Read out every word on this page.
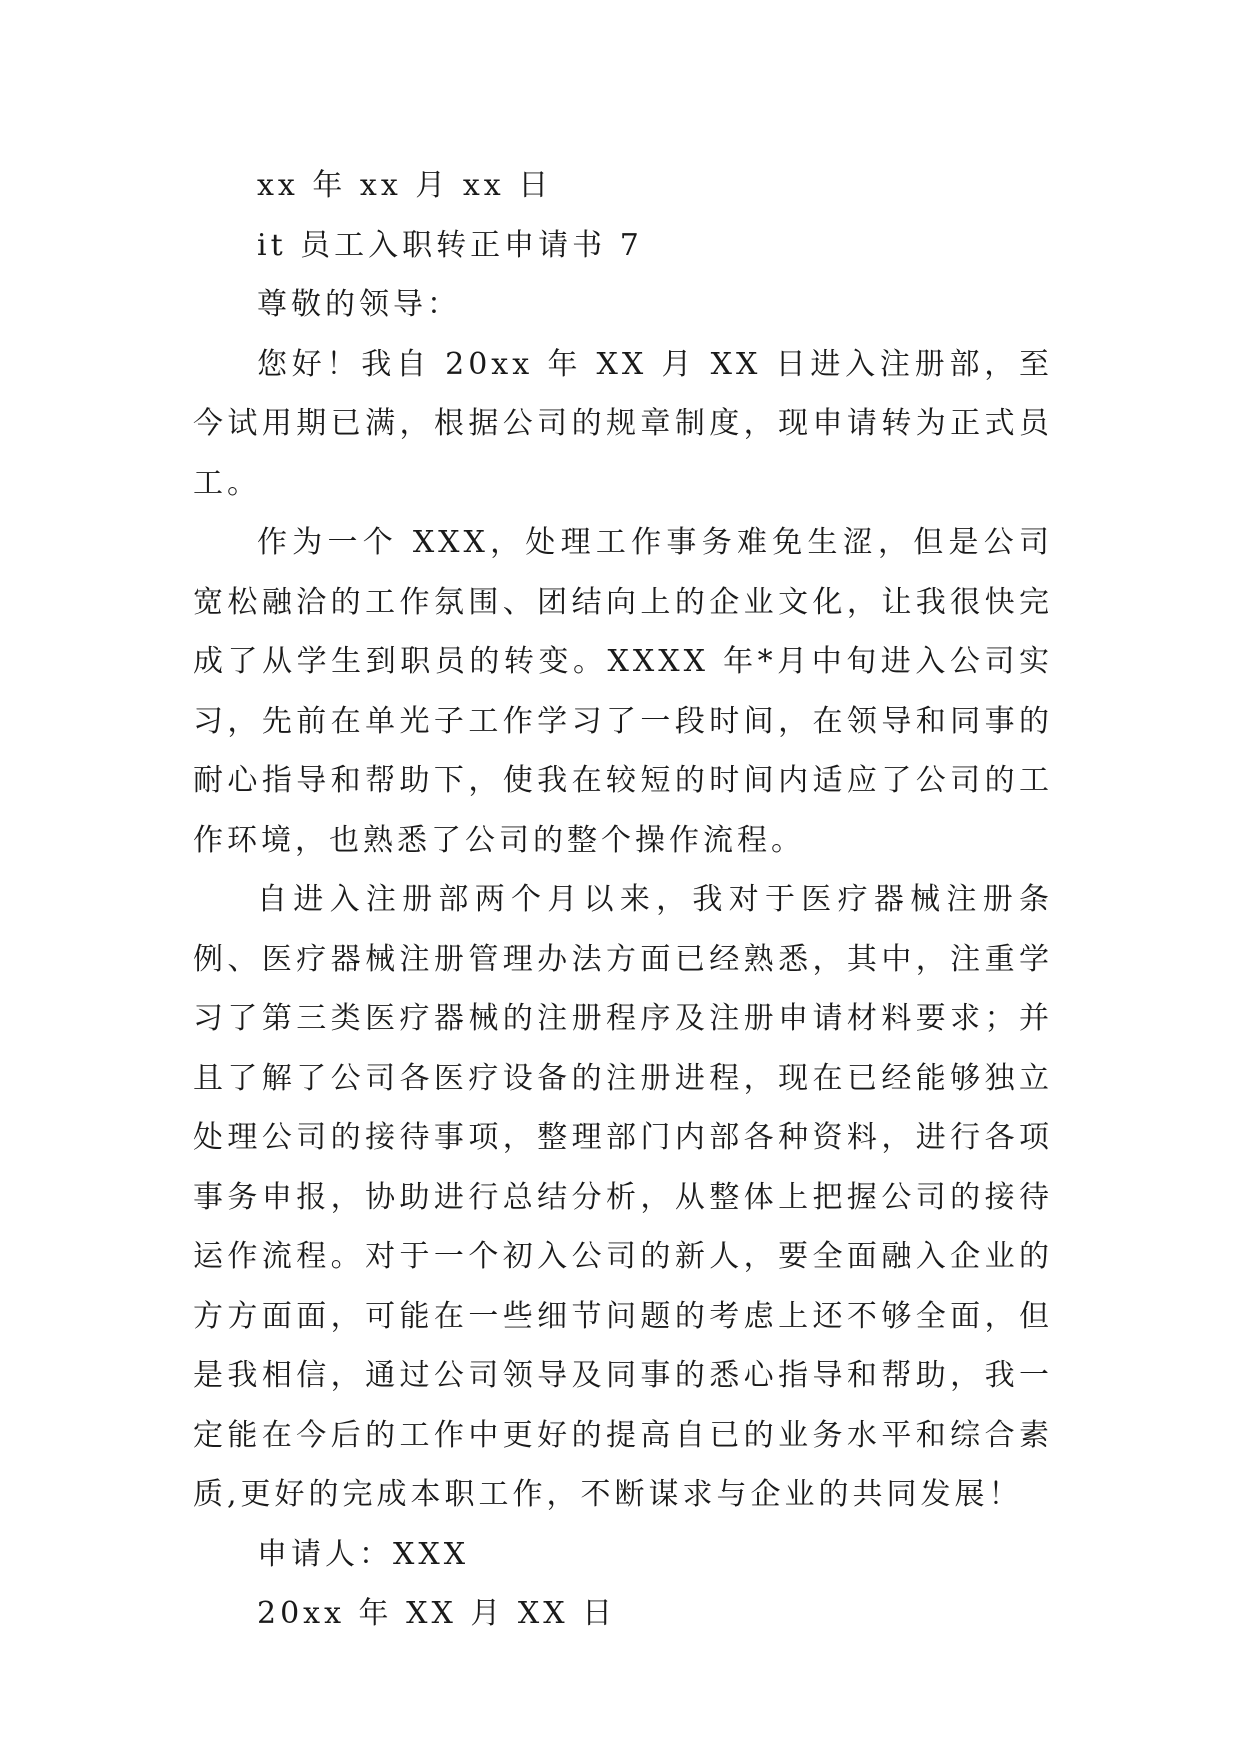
xx 年 xx 月 xx 日
it 员工入职转正申请书 7
尊敬的领导：
您好！我自 20xx 年 XX 月 XX 日进入注册部，至今试用期已满，根据公司的规章制度，现申请转为正式员工。
作为一个 XXX，处理工作事务难免生涩，但是公司宽松融洽的工作氛围、团结向上的企业文化，让我很快完成了从学生到职员的转变。XXXX 年*月中旬进入公司实习，先前在单光子工作学习了一段时间，在领导和同事的耐心指导和帮助下，使我在较短的时间内适应了公司的工作环境，也熟悉了公司的整个操作流程。
自进入注册部两个月以来，我对于医疗器械注册条例、医疗器械注册管理办法方面已经熟悉，其中，注重学习了第三类医疗器械的注册程序及注册申请材料要求；并且了解了公司各医疗设备的注册进程，现在已经能够独立处理公司的接待事项，整理部门内部各种资料，进行各项事务申报，协助进行总结分析，从整体上把握公司的接待运作流程。对于一个初入公司的新人，要全面融入企业的方方面面，可能在一些细节问题的考虑上还不够全面，但是我相信，通过公司领导及同事的悉心指导和帮助，我一定能在今后的工作中更好的提高自已的业务水平和综合素质,更好的完成本职工作，不断谋求与企业的共同发展！
申请人：XXX
20xx 年 XX 月 XX 日
